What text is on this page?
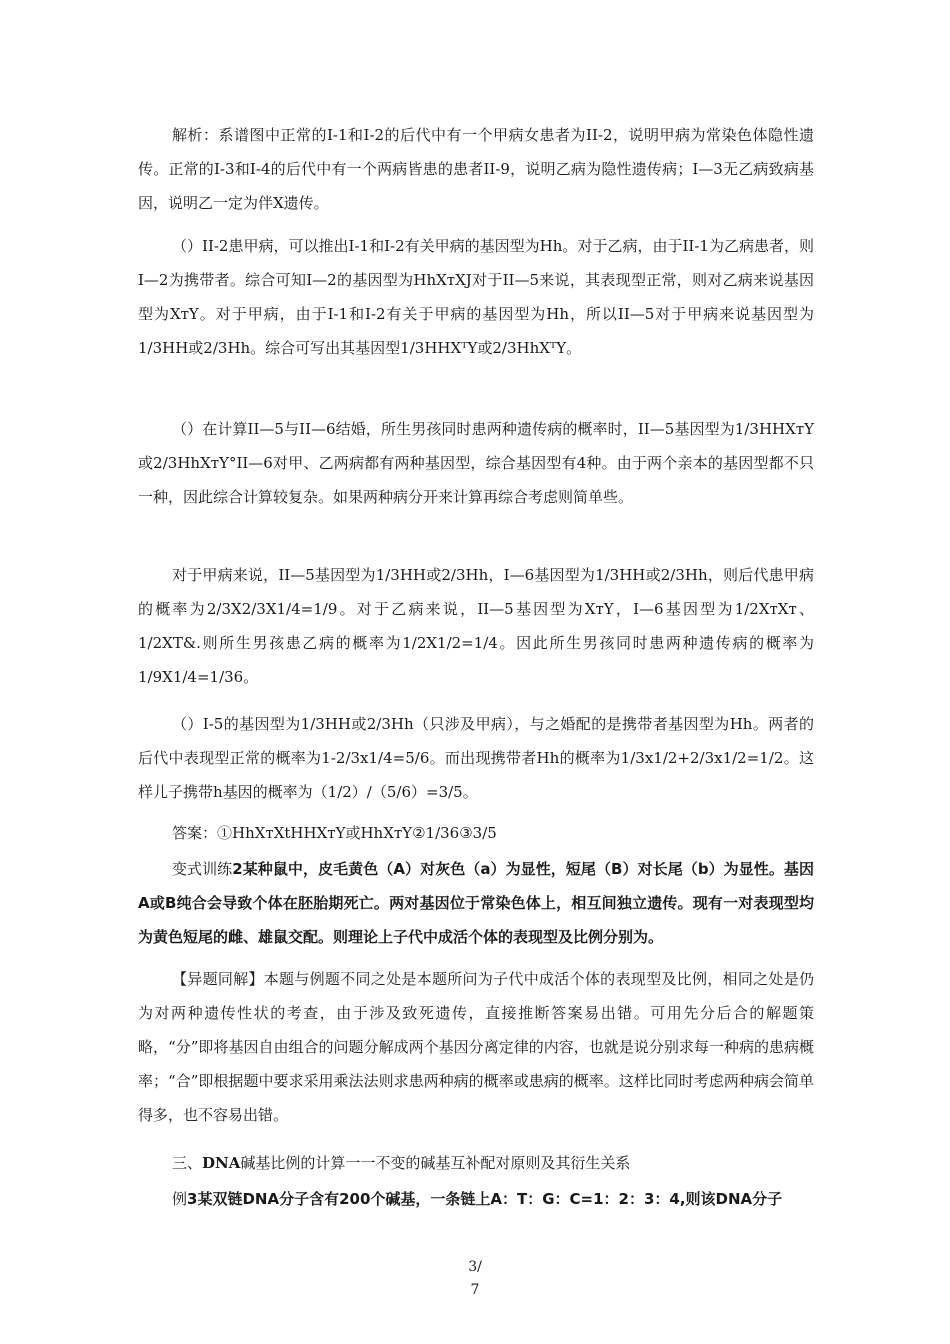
解析：系谱图中正常的I-1和I-2的后代中有一个甲病女患者为II-2，说明甲病为常染色体隐性遗传。正常的I-3和I-4的后代中有一个两病皆患的患者II-9，说明乙病为隐性遗传病；I—3无乙病致病基因，说明乙一定为伴X遗传。

（）II-2患甲病，可以推出I-1和I-2有关甲病的基因型为Hh。对于乙病，由于II-1为乙病患者，则I—2为携带者。综合可知I—2的基因型为HhXᴛXJ对于II—5来说，其表现型正常，则对乙病来说基因型为XᴛY。对于甲病，由于I-1和I-2有关于甲病的基因型为Hh，所以II—5对于甲病来说基因型为1/3HH或2/3Hh。综合可写出其基因型1/3HHXᵀY或2/3HhXᵀY。

（）在计算II—5与II—6结婚，所生男孩同时患两种遗传病的概率时，II—5基因型为1/3HHXᴛY或2/3HhXᴛY°II—6对甲、乙两病都有两种基因型，综合基因型有4种。由于两个亲本的基因型都不只一种，因此综合计算较复杂。如果两种病分开来计算再综合考虑则简单些。

对于甲病来说，II—5基因型为1/3HH或2/3Hh，I—6基因型为1/3HH或2/3Hh，则后代患甲病的概率为2/3X2/3X1/4=1/9。对于乙病来说，II—5基因型为XᴛY，I—6基因型为1/2XᴛXᴛ、1/2XT&.则所生男孩患乙病的概率为1/2X1/2=1/4。因此所生男孩同时患两种遗传病的概率为1/9X1/4=1/36。

（）I-5的基因型为1/3HH或2/3Hh（只涉及甲病），与之婚配的是携带者基因型为Hh。两者的后代中表现型正常的概率为1-2/3x1/4=5/6。而出现携带者Hh的概率为1/3x1/2+2/3x1/2=1/2。这样儿子携带h基因的概率为（1/2）/（5/6）=3/5。

答案：①HhXᴛXtHHXᴛY或HhXᴛY②1/36③3/5

变式训练2某种鼠中，皮毛黄色（A）对灰色（a）为显性，短尾（B）对长尾（b）为显性。基因A或B纯合会导致个体在胚胎期死亡。两对基因位于常染色体上，相互间独立遗传。现有一对表现型均为黄色短尾的雌、雄鼠交配。则理论上子代中成活个体的表现型及比例分别为。

【异题同解】本题与例题不同之处是本题所问为子代中成活个体的表现型及比例，相同之处是仍为对两种遗传性状的考查，由于涉及致死遗传，直接推断答案易出错。可用先分后合的解题策略，“分”即将基因自由组合的问题分解成两个基因分离定律的内容，也就是说分别求每一种病的患病概率；“合”即根据题中要求采用乘法法则求患两种病的概率或患病的概率。这样比同时考虑两种病会简单得多，也不容易出错。

三、DNA碱基比例的计算一一不变的碱基互补配对原则及其衍生关系

例3某双链DNA分子含有200个碱基，一条链上A：T：G：C=1：2：3：4,则该DNA分子

3/
7
